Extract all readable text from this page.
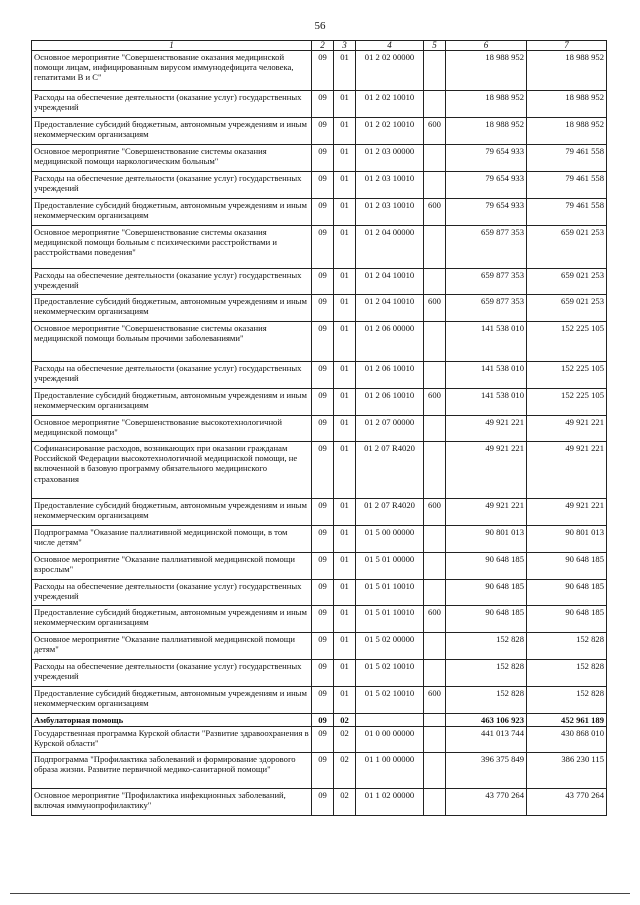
56
1	2	3	4	5	6	7
Основное мероприятие "Совершенствование оказания медицинской помощи лицам, инфицированным вирусом иммунодефицита человека, гепатитами В и С"	09	01	01 2 02 00000		18 988 952	18 988 952
Расходы на обеспечение деятельности (оказание услуг) государственных учреждений	09	01	01 2 02 10010		18 988 952	18 988 952
Предоставление субсидий бюджетным, автономным учреждениям и иным некоммерческим организациям	09	01	01 2 02 10010	600	18 988 952	18 988 952
Основное мероприятие "Совершенствование системы оказания медицинской помощи наркологическим больным"	09	01	01 2 03 00000		79 654 933	79 461 558
Расходы на обеспечение деятельности (оказание услуг) государственных учреждений	09	01	01 2 03 10010		79 654 933	79 461 558
Предоставление субсидий бюджетным, автономным учреждениям и иным некоммерческим организациям	09	01	01 2 03 10010	600	79 654 933	79 461 558
Основное мероприятие "Совершенствование системы оказания медицинской помощи больным с психическими расстройствами и расстройствами поведения"	09	01	01 2 04 00000		659 877 353	659 021 253
Расходы на обеспечение деятельности (оказание услуг) государственных учреждений	09	01	01 2 04 10010		659 877 353	659 021 253
Предоставление субсидий бюджетным, автономным учреждениям и иным некоммерческим организациям	09	01	01 2 04 10010	600	659 877 353	659 021 253
Основное мероприятие "Совершенствование системы оказания медицинской помощи больным прочими заболеваниями"	09	01	01 2 06 00000		141 538 010	152 225 105
Расходы на обеспечение деятельности (оказание услуг) государственных учреждений	09	01	01 2 06 10010		141 538 010	152 225 105
Предоставление субсидий бюджетным, автономным учреждениям и иным некоммерческим организациям	09	01	01 2 06 10010	600	141 538 010	152 225 105
Основное мероприятие "Совершенствование высокотехнологичной медицинской помощи"	09	01	01 2 07 00000		49 921 221	49 921 221
Софинансирование расходов, возникающих при оказании гражданам Российской Федерации высокотехнологичной медицинской помощи, не включенной в базовую программу обязательного медицинского страхования	09	01	01 2 07 R4020		49 921 221	49 921 221
Предоставление субсидий бюджетным, автономным учреждениям и иным некоммерческим организациям	09	01	01 2 07 R4020	600	49 921 221	49 921 221
Подпрограмма "Оказание паллиативной медицинской помощи, в том числе детям"	09	01	01 5 00 00000		90 801 013	90 801 013
Основное мероприятие "Оказание паллиативной медицинской помощи взрослым"	09	01	01 5 01 00000		90 648 185	90 648 185
Расходы на обеспечение деятельности (оказание услуг) государственных учреждений	09	01	01 5 01 10010		90 648 185	90 648 185
Предоставление субсидий бюджетным, автономным учреждениям и иным некоммерческим организациям	09	01	01 5 01 10010	600	90 648 185	90 648 185
Основное мероприятие "Оказание паллиативной медицинской помощи детям"	09	01	01 5 02 00000		152 828	152 828
Расходы на обеспечение деятельности (оказание услуг) государственных учреждений	09	01	01 5 02 10010		152 828	152 828
Предоставление субсидий бюджетным, автономным учреждениям и иным некоммерческим организациям	09	01	01 5 02 10010	600	152 828	152 828
Амбулаторная помощь	09	02			463 106 923	452 961 189
Государственная программа Курской области "Развитие здравоохранения в Курской области"	09	02	01 0 00 00000		441 013 744	430 868 010
Подпрограмма "Профилактика заболеваний и формирование здорового образа жизни. Развитие первичной медико-санитарной помощи"	09	02	01 1 00 00000		396 375 849	386 230 115
Основное мероприятие "Профилактика инфекционных заболеваний, включая иммунопрофилактику"	09	02	01 1 02 00000		43 770 264	43 770 264
